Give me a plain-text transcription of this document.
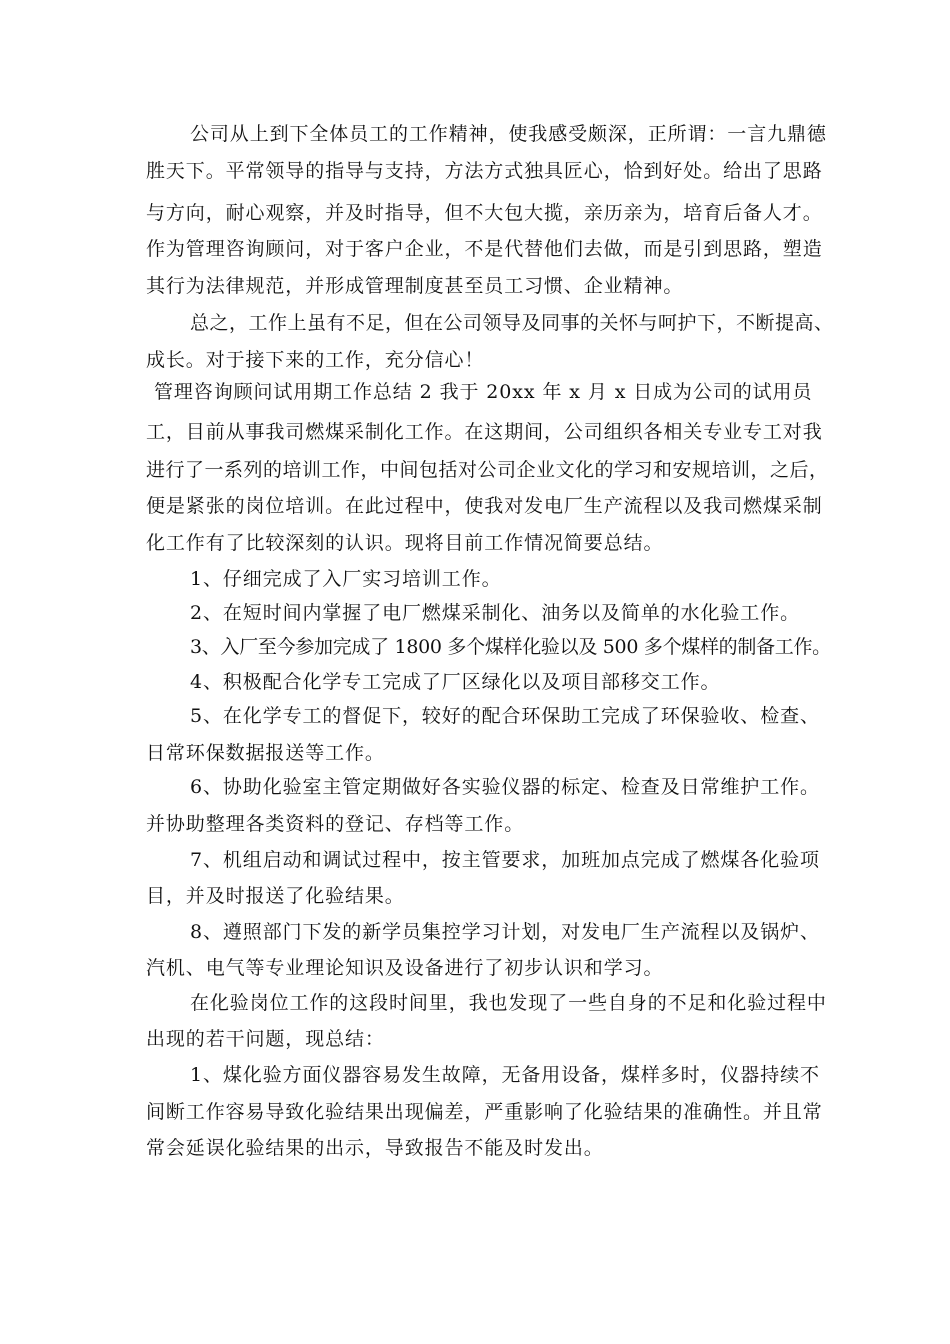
公司从上到下全体员工的工作精神，使我感受颇深，正所谓：一言九鼎德
胜天下。平常领导的指导与支持，方法方式独具匠心，恰到好处。给出了思路
与方向，耐心观察，并及时指导，但不大包大揽，亲历亲为，培育后备人才。
作为管理咨询顾问，对于客户企业，不是代替他们去做，而是引到思路，塑造
其行为法律规范，并形成管理制度甚至员工习惯、企业精神。
总之，工作上虽有不足，但在公司领导及同事的关怀与呵护下，不断提高、
成长。对于接下来的工作，充分信心！
管理咨询顾问试用期工作总结 2 我于 20xx 年 x 月 x 日成为公司的试用员
工，目前从事我司燃煤采制化工作。在这期间，公司组织各相关专业专工对我
进行了一系列的培训工作，中间包括对公司企业文化的学习和安规培训，之后，
便是紧张的岗位培训。在此过程中，使我对发电厂生产流程以及我司燃煤采制
化工作有了比较深刻的认识。现将目前工作情况简要总结。
1、仔细完成了入厂实习培训工作。
2、在短时间内掌握了电厂燃煤采制化、油务以及简单的水化验工作。
3、入厂至今参加完成了 1800 多个煤样化验以及 500 多个煤样的制备工作。
4、积极配合化学专工完成了厂区绿化以及项目部移交工作。
5、在化学专工的督促下，较好的配合环保助工完成了环保验收、检查、
日常环保数据报送等工作。
6、协助化验室主管定期做好各实验仪器的标定、检查及日常维护工作。
并协助整理各类资料的登记、存档等工作。
7、机组启动和调试过程中，按主管要求，加班加点完成了燃煤各化验项
目，并及时报送了化验结果。
8、遵照部门下发的新学员集控学习计划，对发电厂生产流程以及锅炉、
汽机、电气等专业理论知识及设备进行了初步认识和学习。
在化验岗位工作的这段时间里，我也发现了一些自身的不足和化验过程中
出现的若干问题，现总结：
1、煤化验方面仪器容易发生故障，无备用设备，煤样多时，仪器持续不
间断工作容易导致化验结果出现偏差，严重影响了化验结果的准确性。并且常
常会延误化验结果的出示，导致报告不能及时发出。
